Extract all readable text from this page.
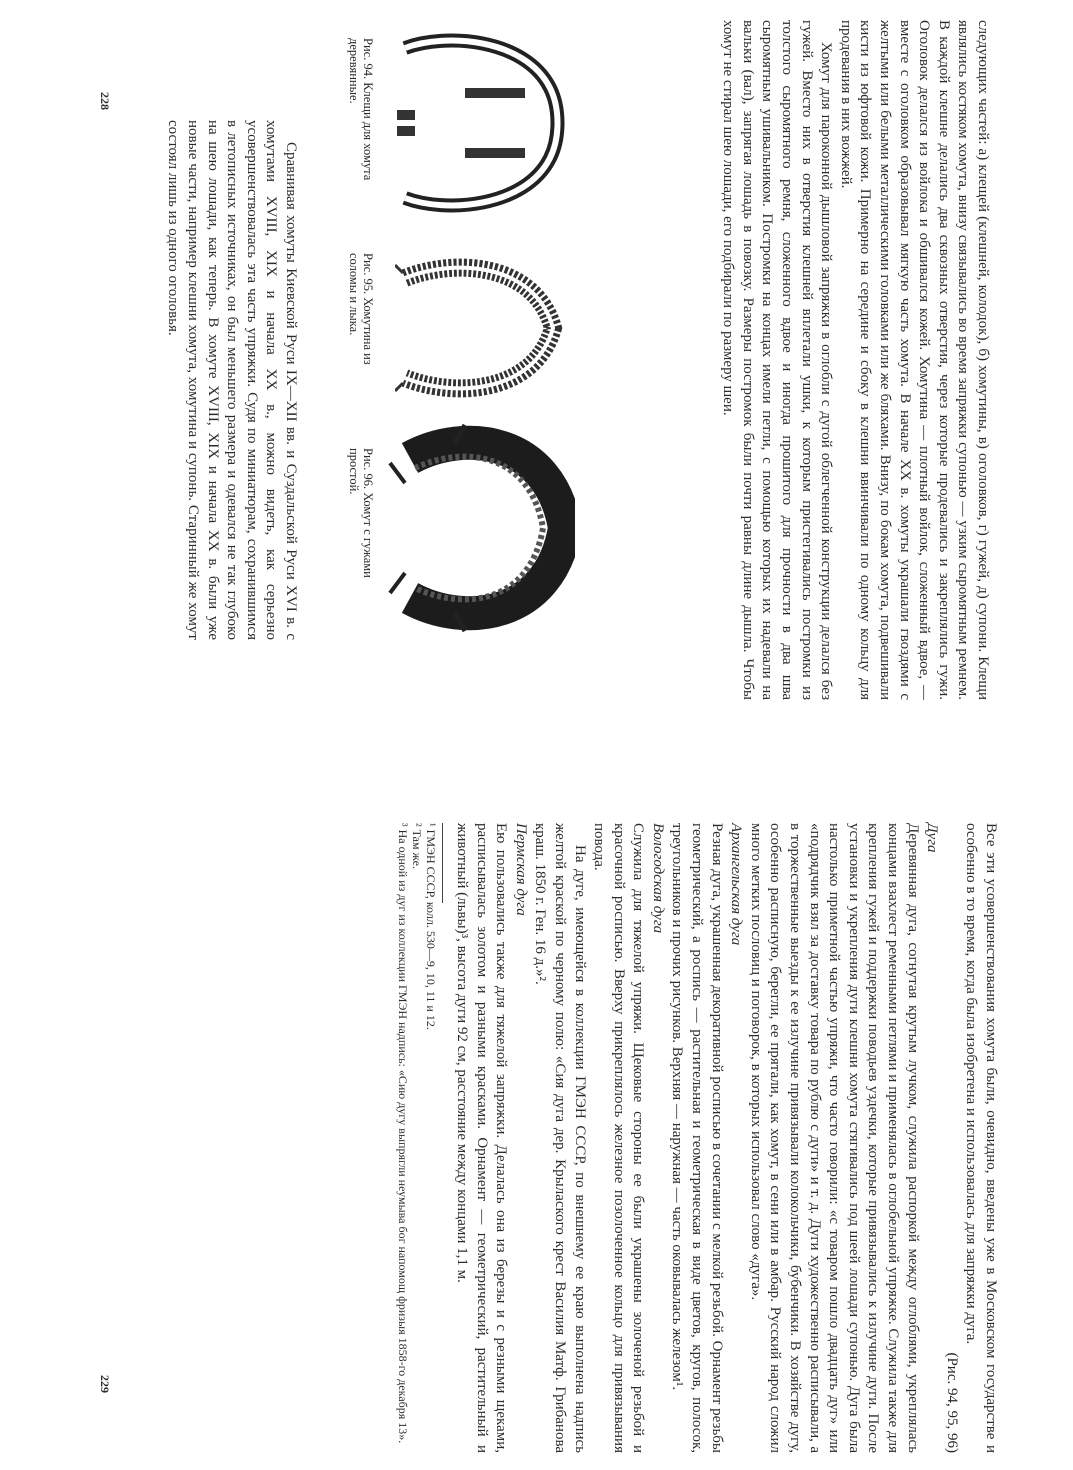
следующих частей: а) клещей (клешней, колодок), б) хомутины, в) оголовков, г) гужей, д) супони. Клещи являлись костяком хомута, внизу связывались во время запряжки супонью — узким сыромятным ремнем. В каждой клешне делались два сквозных отверстия, через которые продевались и закреплялись гужи. Оголовок делался из войлока и обшивался кожей. Хомутина — плотный войлок, сложенный вдвое, — вместе с оголовком образовывал мягкую часть хомута. В начале XX в. хомуты украшали гвоздями с желтыми или белыми металлическими головками или же бляхами. Внизу, по бокам хомута, подвешивали кисти из юфтовой кожи. Примерно на середине и сбоку в клешни ввинчивали по одному кольцу для продевания в них вожжей.

Хомут для пароконной дышловой запряжки в оглобли с дугой облегченной конструкции делался без гужей. Вместо них в отверстия клешней вплетали ушки, к которым пристегивались постромки из толстого сыромятного ремня, сложенного вдвое и иногда прошитого для прочности в два шва сыромятным ушивальником. Постромки на концах имели петли, с помощью которых их надевали на вальки (вал), запрягая лошадь в повозку. Размеры постромок были почти равны длине дышла. Чтобы хомут не стирал шею лошади, его подбирали по размеру шеи.

Рис. 94. Клещи для хомута деревянные.

Рис. 95. Хомутина из соломы и лыка.

Рис. 96. Хомут с гужами простой.

Сравнивая хомуты Киевской Руси IX—XII вв. и Суздальской Руси XVI в. с хомутами XVIII, XIX и начала XX в., можно видеть, как серьезно усовершенствовалась эта часть упряжки. Судя по миниатюрам, сохранившимся в летописных источниках, он был меньшего размера и одевался не так глубоко на шею лошади, как теперь. В хомуте XVIII, XIX и начала XX в. были уже новые части, например клешни хомута, хомутина и супонь. Старинный же хомут состоял лишь из одного оголовья.

228

Все эти усовершенствования хомута были, очевидно, введены уже в Московском государстве и особенно в то время, когда была изобретена и использовалась для запряжки дуга.

(Рис. 94, 95, 96)

Дуга

Деревянная дуга, согнутая крутым лучком, служила распоркой между оглоблями, укреплялась концами взахлест ременными петлями и применялась в оглобельной упряжке. Служила также для крепления гужей и поддержки поводьев уздечки, которые привязывались к излучине дуги. После установки и укрепления дуги клешни хомута стягивались под шеей лошади супонью. Дуга была настолько приметной частью упряжи, что часто говорили: «с товаром пошло двадцать дуг» или «подрядчик взял за доставку товара по рублю с дуги» и т. д. Дуги художественно расписывали, а в торжественные выезды к ее излучине привязывали колокольчики, бубенчики. В хозяйстве дугу, особенно расписную, берегли, ее прятали, как хомут, в сени или в амбар. Русский народ сложил много метких пословиц и поговорок, в которых использовал слово «дуга».

Архангельская дуга

Резная дуга, украшенная декоративной росписью в сочетании с мелкой резьбой. Орнамент резьбы геометрический, а роспись — растительная и геометрическая в виде цветов, кругов, полосок, треугольников и прочих рисунков. Верхняя — наружная — часть оковывалась железом¹.

Вологодская дуга

Служила для тяжелой упряжи. Щековые стороны ее были украшены золоченой резьбой и красочной росписью. Вверху прикреплялось железное позолоченное кольцо для привязывания повода.

На дуге, имеющейся в коллекции ГМЭН СССР, по внешнему ее краю выполнена надпись желтой краской по черному полю: «Сия дуга дер. Крылаского крест Василия Матф. Грибанова краш. 1850 г. Ген. 16 д.»².

Пермская дуга

Ею пользовались также для тяжелой запряжки. Делалась она из березы и с резными щеками, расписывалась золотом и разными красками. Орнамент — геометрический, растительный и животный (львы)³, высота дуги 92 см, расстояние между концами 1,1 м.

¹ ГМЭН СССР, колл. 530—9, 10, 11 и 12.

² Там же.

³ На одной из дуг из коллекции ГМЭН надпись: «Сию дугу выпрягли неумыва бог напомощ фризыя 1858-го декабря 13».

229
